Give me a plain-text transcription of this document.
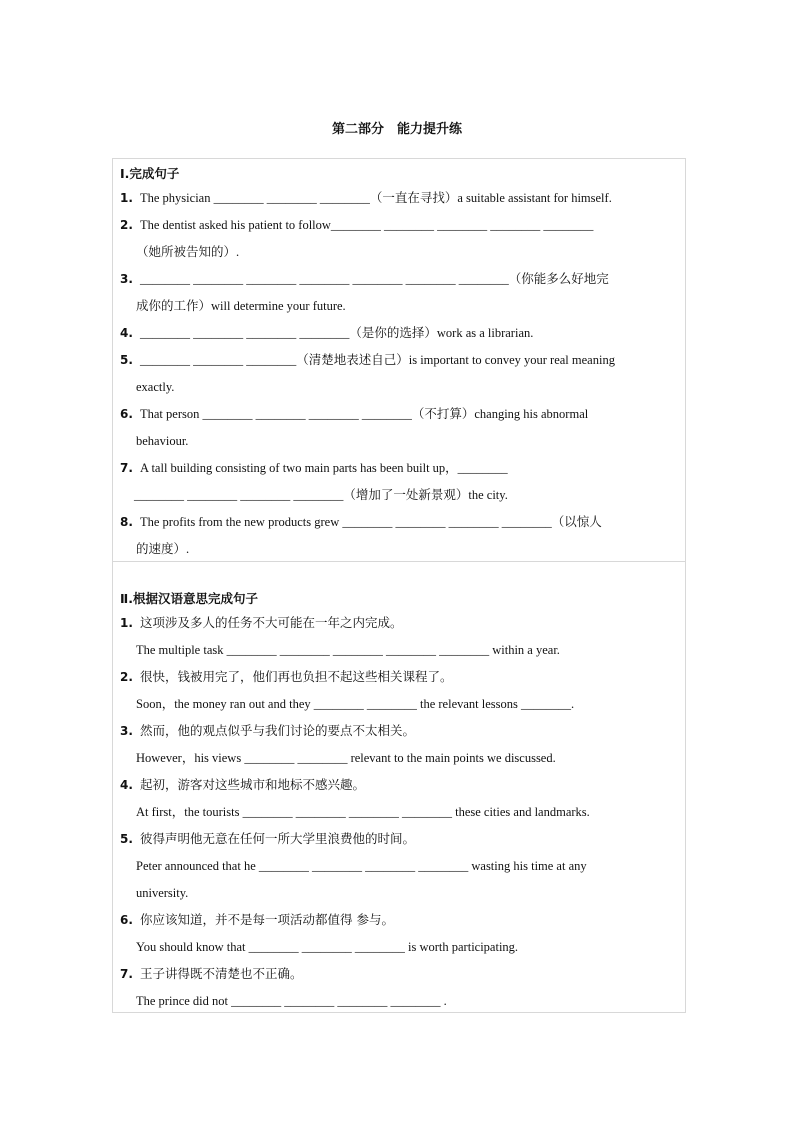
第二部分　能力提升练
Ⅰ.完成句子
1. The physician ________ ________ ________（一直在寻找）a suitable assistant for himself.
2. The dentist asked his patient to follow________ ________ ________ ________ ________
（她所被告知的）.
3. ________ ________ ________ ________ ________ ________ ________（你能多么好地完
成你的工作）will determine your future.
4. ________ ________ ________ ________（是你的选择）work as a librarian.
5. ________ ________ ________（清楚地表述自己）is important to convey your real meaning
exactly.
6. That person ________ ________ ________ ________（不打算）changing his abnormal
behaviour.
7. A tall building consisting of two main parts has been built up，________
________ ________ ________ ________（增加了一处新景观）the city.
8. The profits from the new products grew ________ ________ ________ ________（以惊人
的速度）.
Ⅱ.根据汉语意思完成句子
1. 这项涉及多人的任务不大可能在一年之内完成。
The multiple task ________ ________ ________ ________ ________ within a year.
2. 很快，钱被用完了，他们再也负担不起这些相关课程了。
Soon，the money ran out and they ________ ________ the relevant lessons ________.
3. 然而，他的观点似乎与我们讨论的要点不太相关。
However，his views ________ ________ relevant to the main points we discussed.
4. 起初，游客对这些城市和地标不感兴趣。
At first，the tourists ________ ________ ________ ________ these cities and landmarks.
5. 彼得声明他无意在任何一所大学里浪费他的时间。
Peter announced that he ________ ________ ________ ________ wasting his time at any
university.
6. 你应该知道，并不是每一项活动都值得 参与。
You should know that ________ ________ ________ is worth participating.
7. 王子讲得既不清楚也不正确。
The prince did not ________ ________ ________ ________ .
